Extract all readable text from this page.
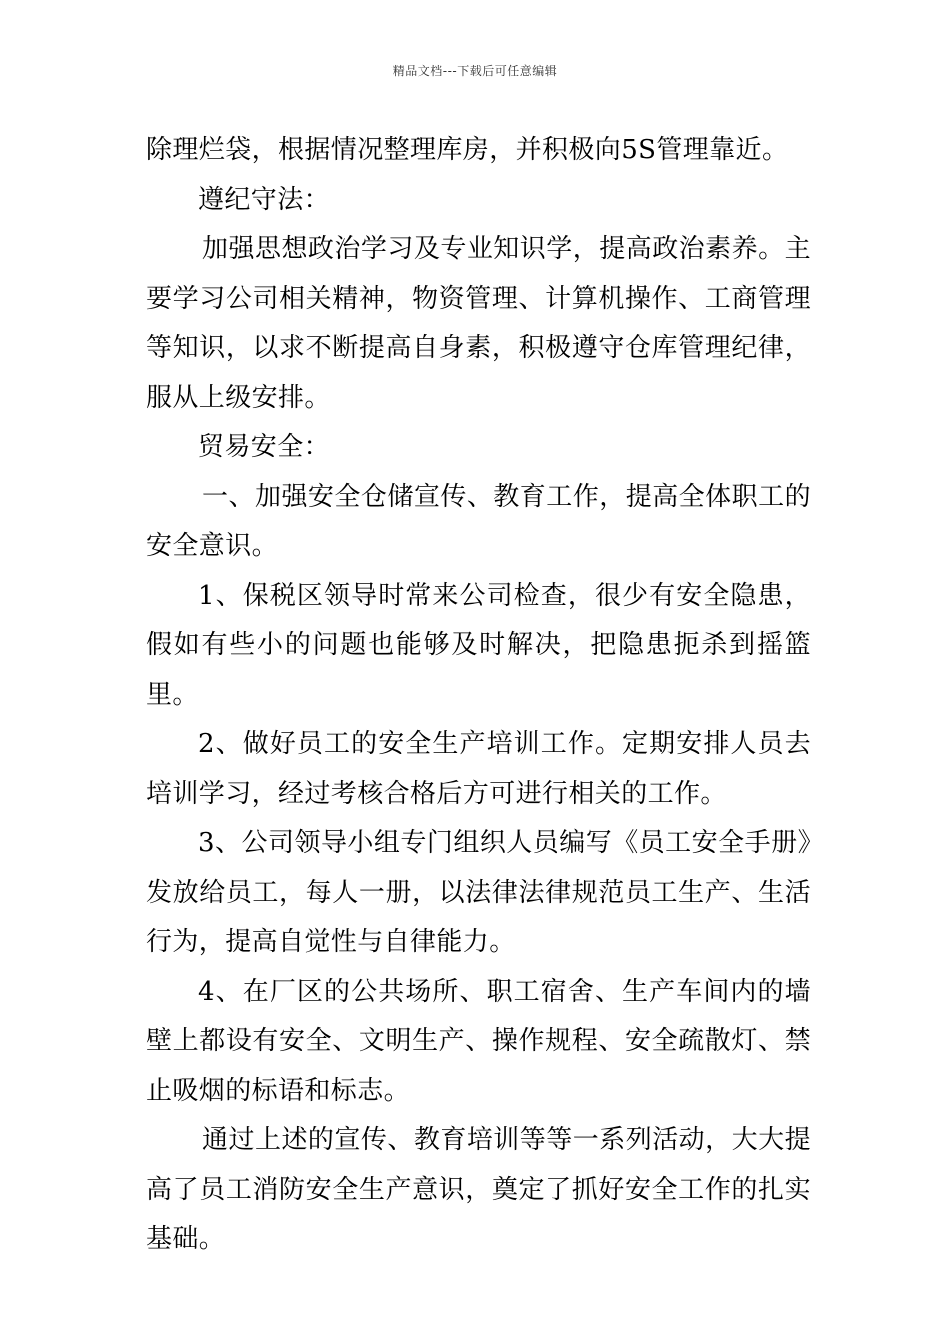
精品文档---下载后可任意编辑

除理烂袋，根据情况整理库房，并积极向5S管理靠近。

遵纪守法：

加强思想政治学习及专业知识学，提高政治素养。主要学习公司相关精神，物资管理、计算机操作、工商管理等知识，以求不断提高自身素，积极遵守仓库管理纪律，服从上级安排。

贸易安全：

一、加强安全仓储宣传、教育工作，提高全体职工的安全意识。

1、保税区领导时常来公司检查，很少有安全隐患，假如有些小的问题也能够及时解决，把隐患扼杀到摇篮里。

2、做好员工的安全生产培训工作。定期安排人员去培训学习，经过考核合格后方可进行相关的工作。

3、公司领导小组专门组织人员编写《员工安全手册》发放给员工，每人一册，以法律法律规范员工生产、生活行为，提高自觉性与自律能力。

4、在厂区的公共场所、职工宿舍、生产车间内的墙壁上都设有安全、文明生产、操作规程、安全疏散灯、禁止吸烟的标语和标志。

通过上述的宣传、教育培训等等一系列活动，大大提高了员工消防安全生产意识，奠定了抓好安全工作的扎实基础。
